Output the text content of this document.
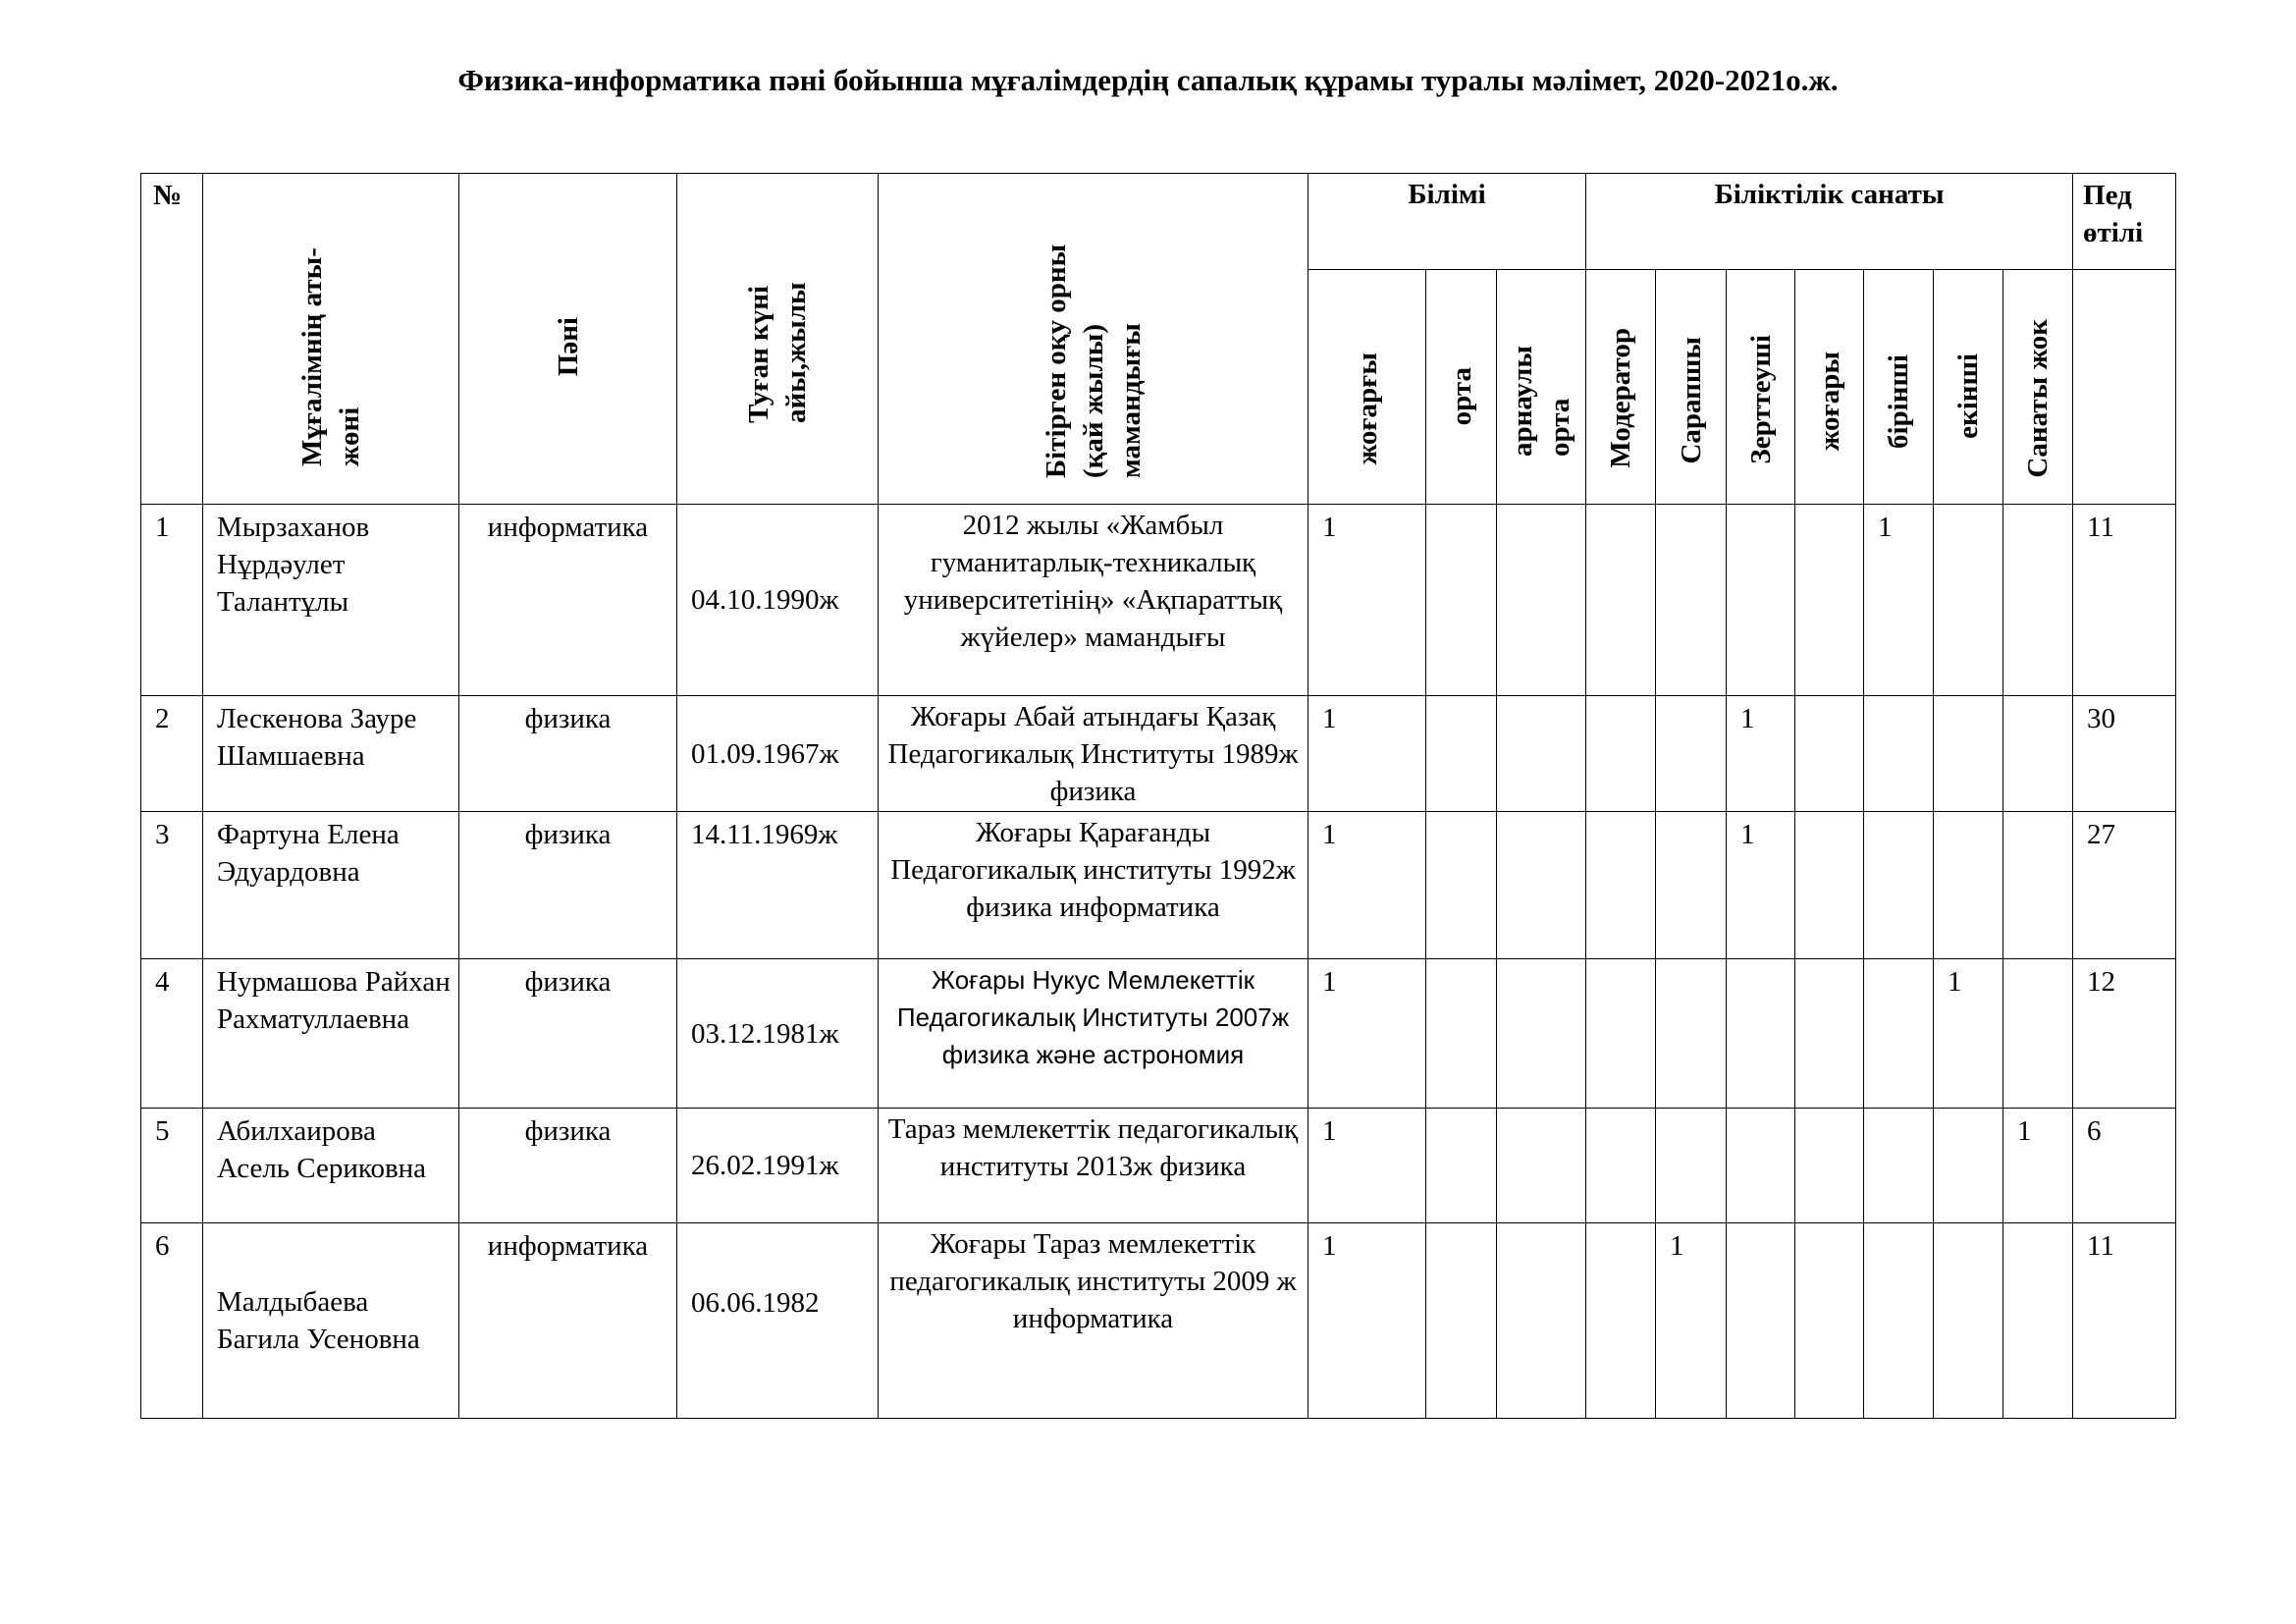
Физика-информатика пәні бойынша мұғалімдердің сапалық құрамы туралы мәлімет, 2020-2021о.ж.
№	Мұғалімнің аты-жөні	Пәні	Туған күні айы,жылы	Бітірген оқу орны (қай жылы) мамандығы	Білімі			Біліктілік санаты							Пед өтілі

					жоғарғы	орта	арнаулы орта	Модератор	Сарапшы	Зерттеуші	жоғары	бірінші	екінші	Санаты жок	

1	Мырзаханов Нұрдәулет Талантұлы	информатика	04.10.1990ж	2012 жылы «Жамбыл гуманитарлық-техникалық университетінің» «Ақпараттық жүйелер» мамандығы	1							1			11
2	Лескенова Зауре Шамшаевна	физика	01.09.1967ж	Жоғары Абай атындағы Қазақ Педагогикалық Институты 1989ж физика	1					1					30
3	Фартуна Елена Эдуардовна	физика	14.11.1969ж	Жоғары Қарағанды Педагогикалық институты 1992ж физика информатика	1					1					27
4	Нурмашова Райхан Рахматуллаевна	физика	03.12.1981ж	Жоғары Нукус Мемлекеттік Педагогикалық Институты 2007ж физика және астрономия	1								1		12
5	Абилхаирова Асель Сериковна	физика	26.02.1991ж	Тараз мемлекеттік педагогикалық институты 2013ж физика	1									1	6
6	Малдыбаева Багила Усеновна	информатика	06.06.1982	Жоғары Тараз мемлекеттік педагогикалық институты 2009 ж информатика	1				1						11
